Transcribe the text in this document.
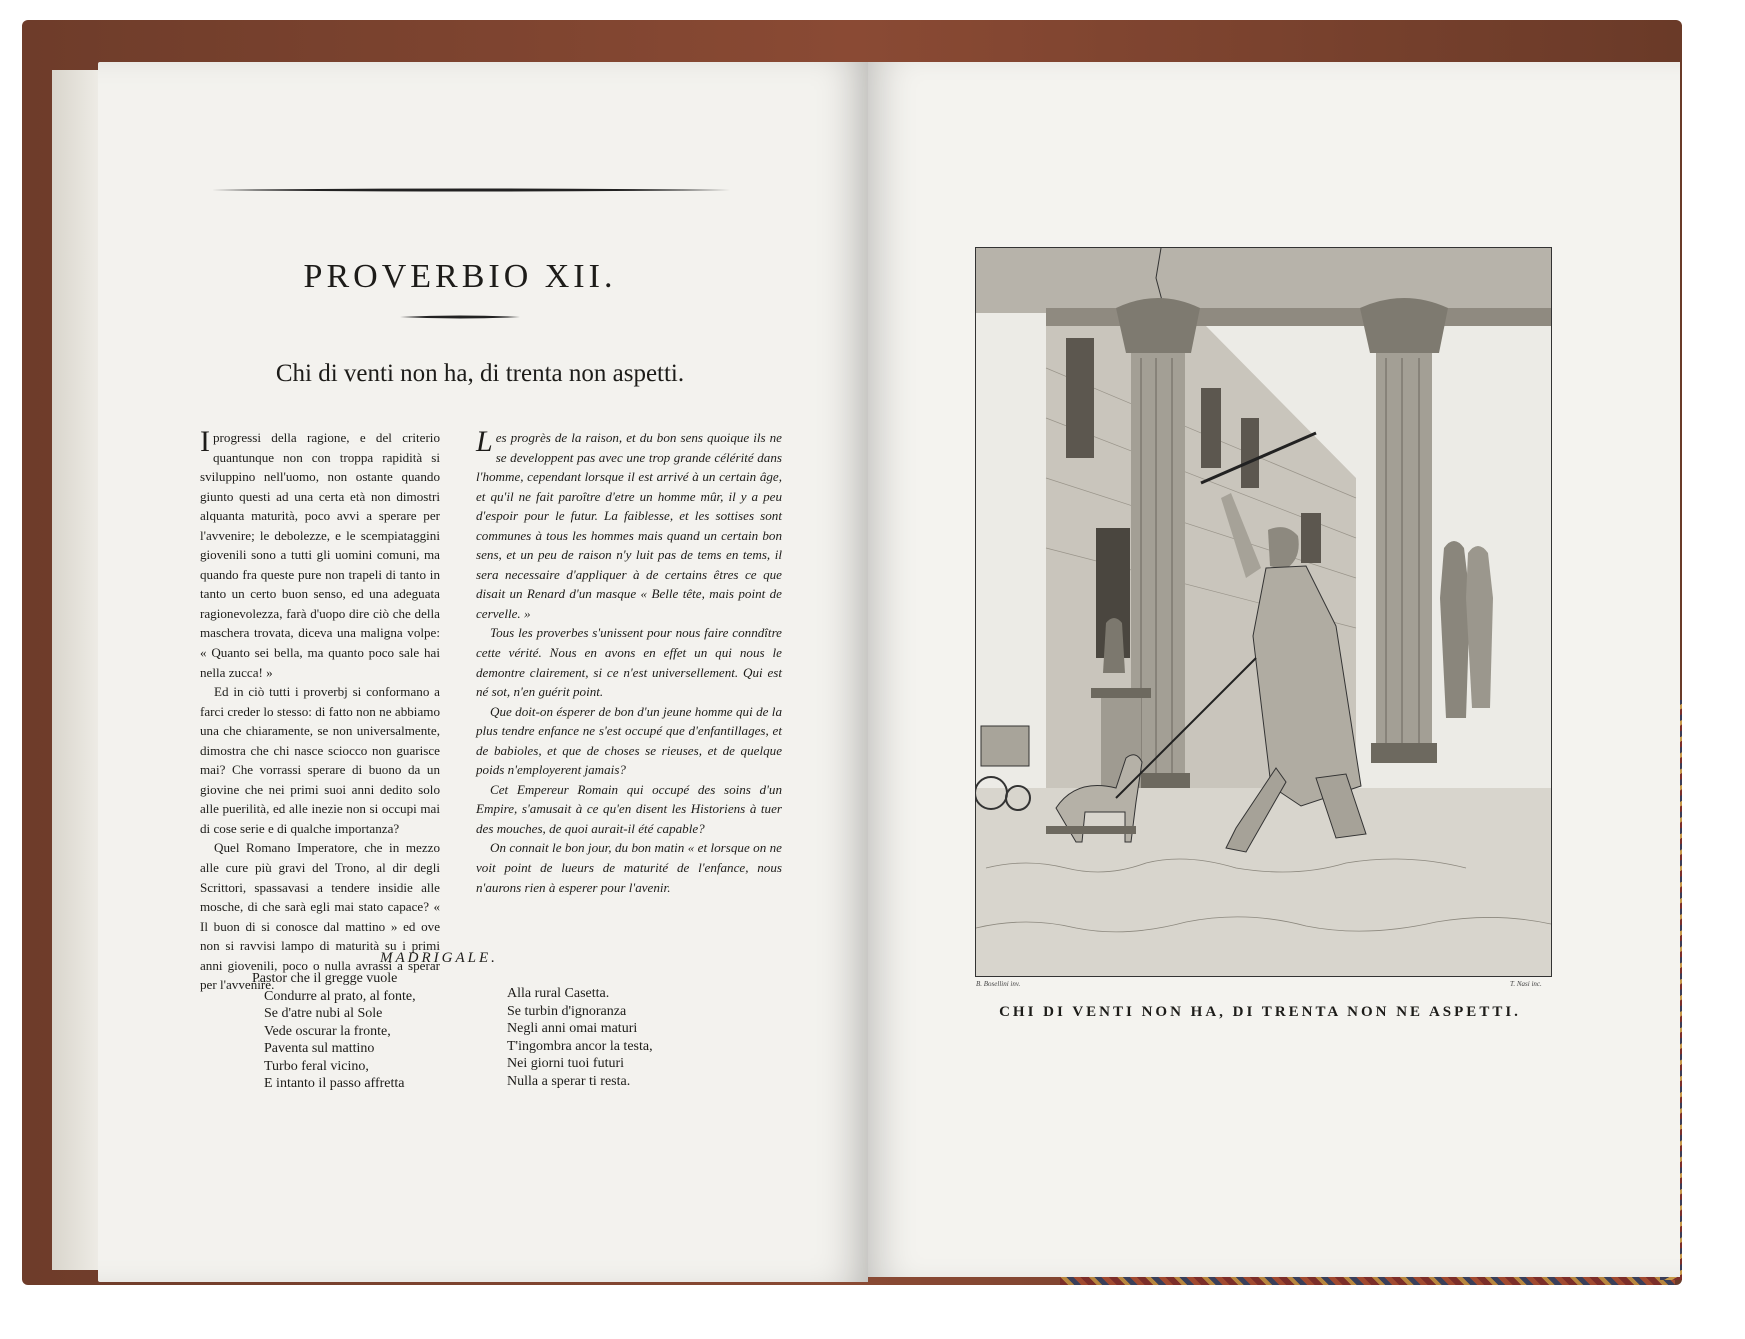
PROVERBIO XII.
Chi di venti non ha, di trenta non aspetti.

I progressi della ragione, e del criterio quantunque non con troppa rapidità si sviluppino nell'uomo, non ostante quando giunto questi ad una certa età non dimostri alquanta maturità, poco avvi a sperare per l'avvenire; le debolezze, e le scempiataggini giovenili sono a tutti gli uomini comuni, ma quando fra queste pure non trapeli di tanto in tanto un certo buon senso, ed una adeguata ragionevolezza, farà d'uopo dire ciò che della maschera trovata, diceva una maligna volpe: « Quanto sei bella, ma quanto poco sale hai nella zucca! »

Ed in ciò tutti i proverbj si conformano a farci creder lo stesso: di fatto non ne abbiamo una che chiaramente, se non universalmente, dimostra che chi nasce sciocco non guarisce mai? Che vorrassi sperare di buono da un giovine che nei primi suoi anni dedito solo alle puerilità, ed alle inezie non si occupi mai di cose serie e di qualche importanza?

Quel Romano Imperatore, che in mezzo alle cure più gravi del Trono, al dir degli Scrittori, spassavasi a tendere insidie alle mosche, di che sarà egli mai stato capace? « Il buon di si conosce dal mattino » ed ove non si ravvisi lampo di maturità su i primi anni giovenili, poco o nulla avrassi a sperar per l'avvenire.

Les progrès de la raison, et du bon sens quoique ils ne se developpent pas avec une trop grande célérité dans l'homme, cependant lorsque il est arrivé à un certain âge, et qu'il ne fait paroître d'etre un homme mûr, il y a peu d'espoir pour le futur. La faiblesse, et les sottises sont communes à tous les hommes mais quand un certain bon sens, et un peu de raison n'y luit pas de tems en tems, il sera necessaire d'appliquer à de certains êtres ce que disait un Renard d'un masque « Belle tête, mais point de cervelle. »

Tous les proverbes s'unissent pour nous faire conndître cette vérité. Nous en avons en effet un qui nous le demontre clairement, si ce n'est universellement. Qui est né sot, n'en guérit point.

Que doit-on ésperer de bon d'un jeune homme qui de la plus tendre enfance ne s'est occupé que d'enfantillages, et de babioles, et que de choses se rieuses, et de quelque poids n'employerent jamais?

Cet Empereur Romain qui occupé des soins d'un Empire, s'amusait à ce qu'en disent les Historiens à tuer des mouches, de quoi aurait-il été capable?

On connait le bon jour, du bon matin « et lorsque on ne voit point de lueurs de maturité de l'enfance, nous n'aurons rien à esperer pour l'avenir.

MADRIGALE.
Pastor che il gregge vuole
Condurre al prato, al fonte,
Se d'atre nubi al Sole
Vede oscurar la fronte,
Paventa sul mattino
Turbo feral vicino,
E intanto il passo affretta
Alla rural Casetta.
Se turbin d'ignoranza
Negli anni omai maturi
T'ingombra ancor la testa,
Nei giorni tuoi futuri
Nulla a sperar ti resta.
B. Bosellini inv.	T. Nasi inc.
CHI DI VENTI NON HA, DI TRENTA NON NE ASPETTI.
